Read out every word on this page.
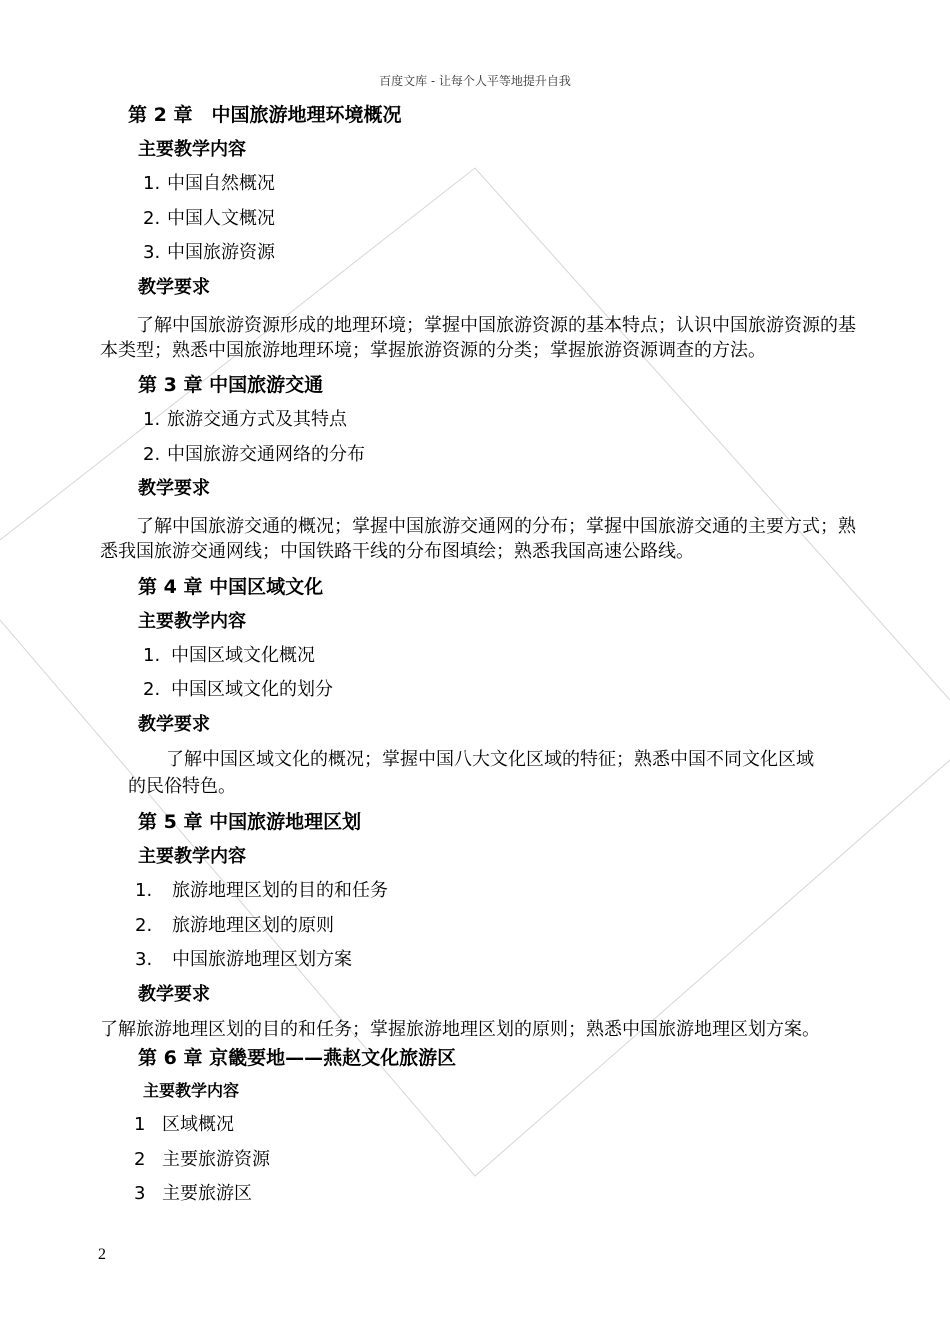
百度文库 - 让每个人平等地提升自我
第 2 章　中国旅游地理环境概况
主要教学内容
1. 中国自然概况
2. 中国人文概况
3. 中国旅游资源
教学要求
　　了解中国旅游资源形成的地理环境；掌握中国旅游资源的基本特点；认识中国旅游资源的基本类型；熟悉中国旅游地理环境；掌握旅游资源的分类；掌握旅游资源调查的方法。
第 3 章 中国旅游交通
1. 旅游交通方式及其特点
2. 中国旅游交通网络的分布
教学要求
　　了解中国旅游交通的概况；掌握中国旅游交通网的分布；掌握中国旅游交通的主要方式；熟悉我国旅游交通网线；中国铁路干线的分布图填绘；熟悉我国高速公路线。
第 4 章 中国区域文化
主要教学内容
1. 中国区域文化概况
2. 中国区域文化的划分
教学要求
了解中国区域文化的概况；掌握中国八大文化区域的特征；熟悉中国不同文化区域
的民俗特色。
第 5 章 中国旅游地理区划
主要教学内容
1. 旅游地理区划的目的和任务
2. 旅游地理区划的原则
3. 中国旅游地理区划方案
教学要求
了解旅游地理区划的目的和任务；掌握旅游地理区划的原则；熟悉中国旅游地理区划方案。
第 6 章 京畿要地——燕赵文化旅游区
主要教学内容
1 区域概况
2 主要旅游资源
3 主要旅游区
2
